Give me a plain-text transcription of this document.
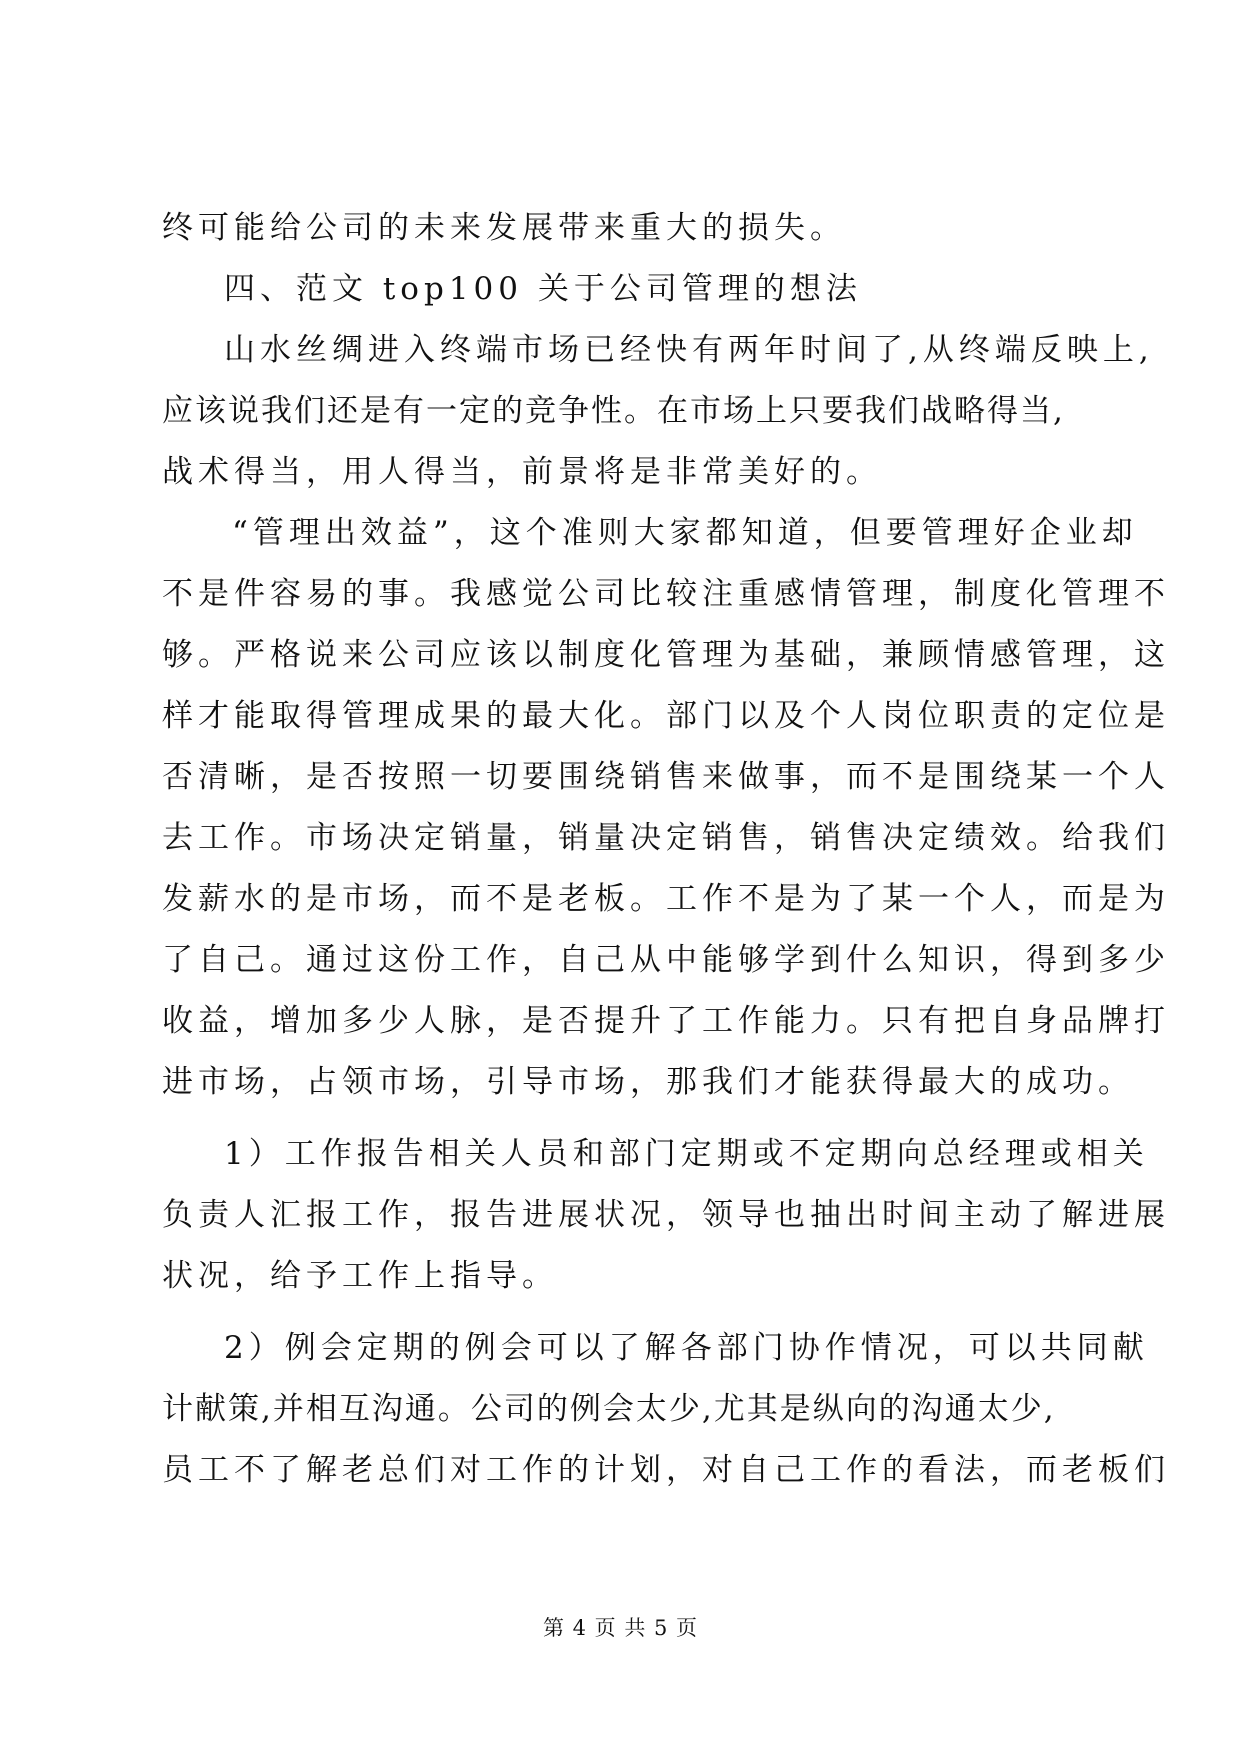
终可能给公司的未来发展带来重大的损失。
四、范文 top100 关于公司管理的想法
山水丝绸进入终端市场已经快有两年时间了,从终端反映上,
应该说我们还是有一定的竞争性。在市场上只要我们战略得当,
战术得当，用人得当，前景将是非常美好的。
“管理出效益”，这个准则大家都知道，但要管理好企业却
不是件容易的事。我感觉公司比较注重感情管理，制度化管理不
够。严格说来公司应该以制度化管理为基础，兼顾情感管理，这
样才能取得管理成果的最大化。部门以及个人岗位职责的定位是
否清晰，是否按照一切要围绕销售来做事，而不是围绕某一个人
去工作。市场决定销量，销量决定销售，销售决定绩效。给我们
发薪水的是市场，而不是老板。工作不是为了某一个人，而是为
了自己。通过这份工作，自己从中能够学到什么知识，得到多少
收益，增加多少人脉，是否提升了工作能力。只有把自身品牌打
进市场，占领市场，引导市场，那我们才能获得最大的成功。
1）工作报告相关人员和部门定期或不定期向总经理或相关
负责人汇报工作，报告进展状况，领导也抽出时间主动了解进展
状况，给予工作上指导。
2）例会定期的例会可以了解各部门协作情况，可以共同献
计献策,并相互沟通。公司的例会太少,尤其是纵向的沟通太少,
员工不了解老总们对工作的计划，对自己工作的看法，而老板们
第 4 页 共 5 页
